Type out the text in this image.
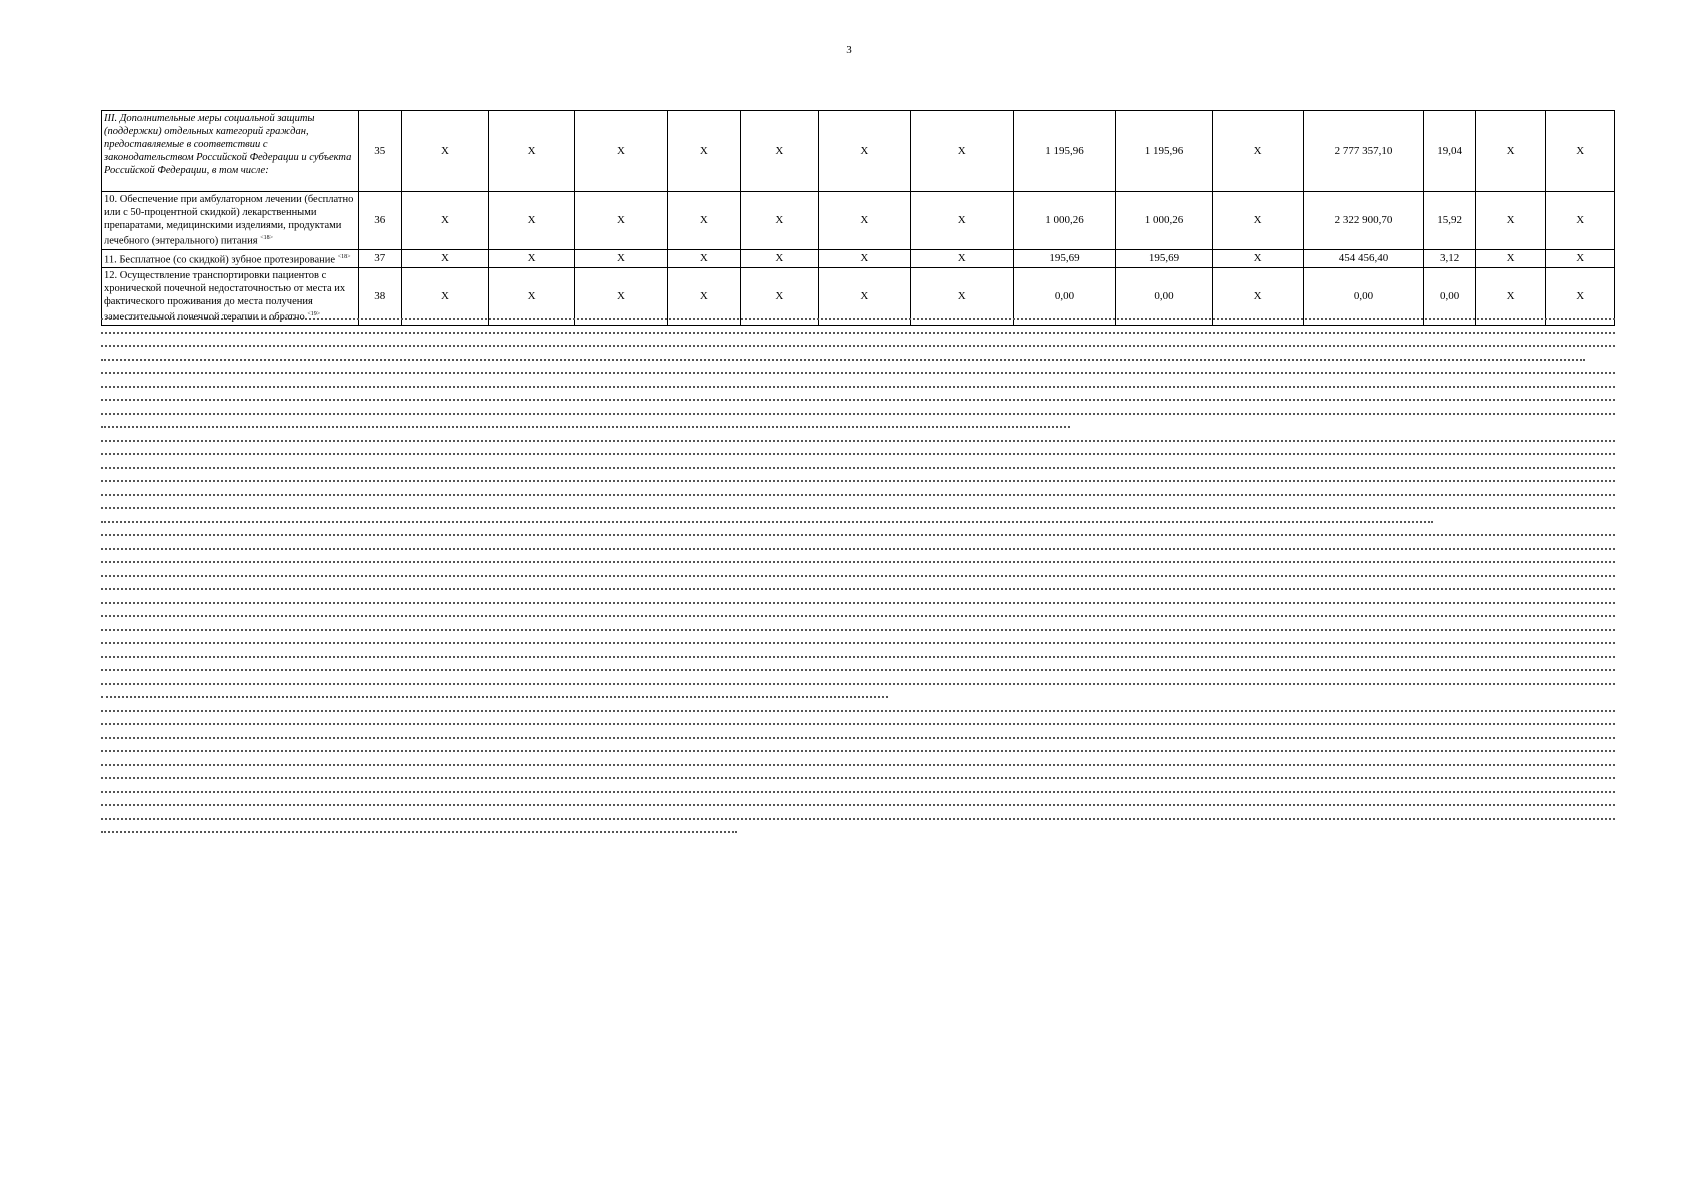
3
III. Дополнительные меры социальной защиты (поддержки) отдельных категорий граждан, предоставляемые в соответствии с законодательством Российской Федерации и субъекта Российской Федерации, в том числе:	35	X	X	X	X	X	X	X	1 195,96	1 195,96	X	2 777 357,10	19,04	X	X
10. Обеспечение при амбулаторном лечении (бесплатно или с 50-процентной скидкой) лекарственными препаратами, медицинскими изделиями, продуктами лечебного (энтерального) питания $^{<18>}$	36	X	X	X	X	X	X	X	1 000,26	1 000,26	X	2 322 900,70	15,92	X	X
11. Бесплатное (со скидкой) зубное протезирование $^{<18>}$	37	X	X	X	X	X	X	X	195,69	195,69	X	454 456,40	3,12	X	X
12. Осуществление транспортировки пациентов с хронической почечной недостаточностью от места их фактического проживания до места получения заместительной почечной терапии и обратно $^{<19>}$	38	X	X	X	X	X	X	X	0,00	0,00	X	0,00	0,00	X	X
